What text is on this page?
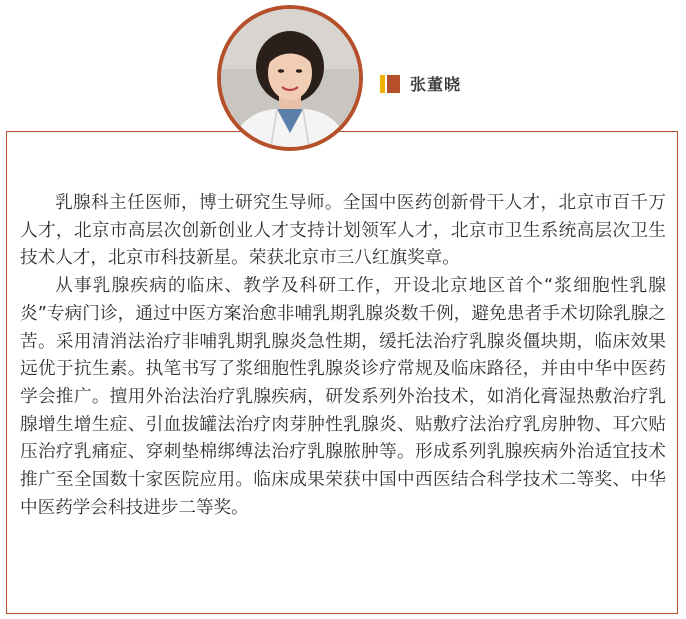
张董晓

乳腺科主任医师，博士研究生导师。全国中医药创新骨干人才，北京市百千万人才，北京市高层次创新创业人才支持计划领军人才，北京市卫生系统高层次卫生技术人才，北京市科技新星。荣获北京市三八红旗奖章。

从事乳腺疾病的临床、教学及科研工作，开设北京地区首个“浆细胞性乳腺炎”专病门诊，通过中医方案治愈非哺乳期乳腺炎数千例，避免患者手术切除乳腺之苦。采用清消法治疗非哺乳期乳腺炎急性期，缓托法治疗乳腺炎僵块期，临床效果远优于抗生素。执笔书写了浆细胞性乳腺炎诊疗常规及临床路径，并由中华中医药学会推广。擅用外治法治疗乳腺疾病，研发系列外治技术，如消化膏湿热敷治疗乳腺增生增生症、引血拔罐法治疗肉芽肿性乳腺炎、贴敷疗法治疗乳房肿物、耳穴贴压治疗乳痛症、穿刺垫棉绑缚法治疗乳腺脓肿等。形成系列乳腺疾病外治适宜技术推广至全国数十家医院应用。临床成果荣获中国中西医结合科学技术二等奖、中华中医药学会科技进步二等奖。
